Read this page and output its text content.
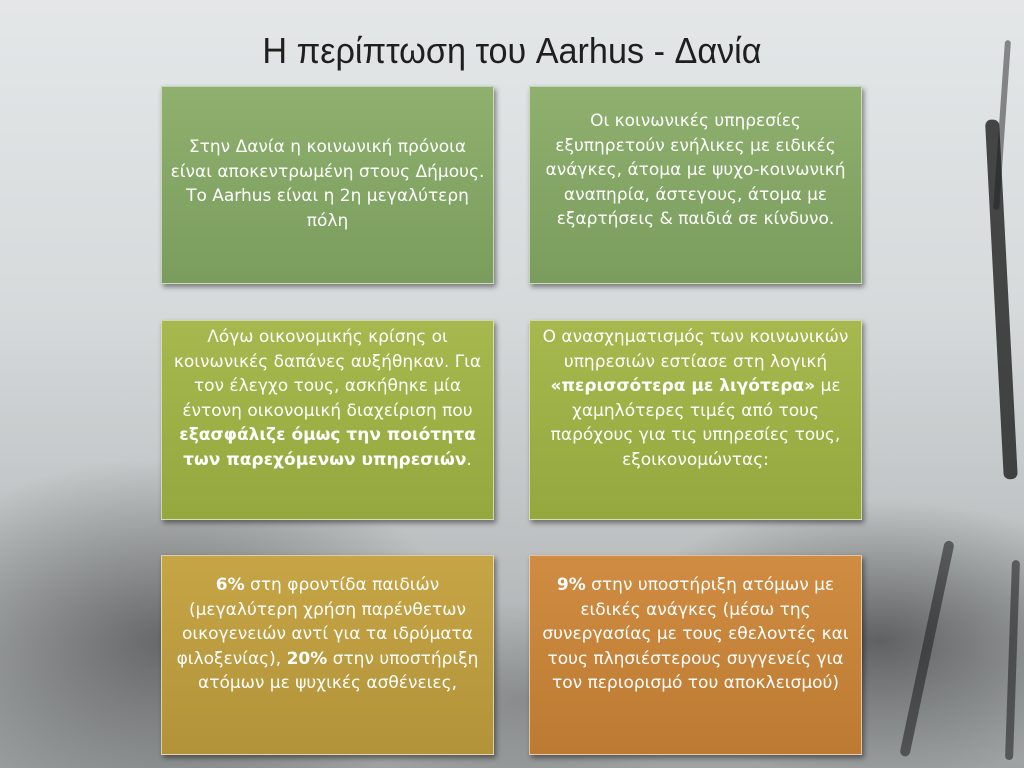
Η περίπτωση του Aarhus - Δανία
Στην Δανία η κοινωνική πρόνοια είναι αποκεντρωμένη στους Δήμους. Το Aarhus είναι η 2η μεγαλύτερη πόλη
Οι κοινωνικές υπηρεσίες εξυπηρετούν ενήλικες με ειδικές ανάγκες, άτομα με ψυχο-κοινωνική αναπηρία, άστεγους, άτομα με εξαρτήσεις & παιδιά σε κίνδυνο.
Λόγω οικονομικής κρίσης οι κοινωνικές δαπάνες αυξήθηκαν. Για τον έλεγχο τους, ασκήθηκε μία έντονη οικονομική διαχείριση που εξασφάλιζε όμως την ποιότητα των παρεχόμενων υπηρεσιών.
Ο ανασχηματισμός των κοινωνικών υπηρεσιών εστίασε στη λογική «περισσότερα με λιγότερα» με χαμηλότερες τιμές από τους παρόχους για τις υπηρεσίες τους, εξοικονομώντας:
6% στη φροντίδα παιδιών (μεγαλύτερη χρήση παρένθετων οικογενειών αντί για τα ιδρύματα φιλοξενίας), 20% στην υποστήριξη ατόμων με ψυχικές ασθένειες,
9% στην υποστήριξη ατόμων με ειδικές ανάγκες (μέσω της συνεργασίας με τους εθελοντές και τους πλησιέστερους συγγενείς για τον περιορισμό του αποκλεισμού)
